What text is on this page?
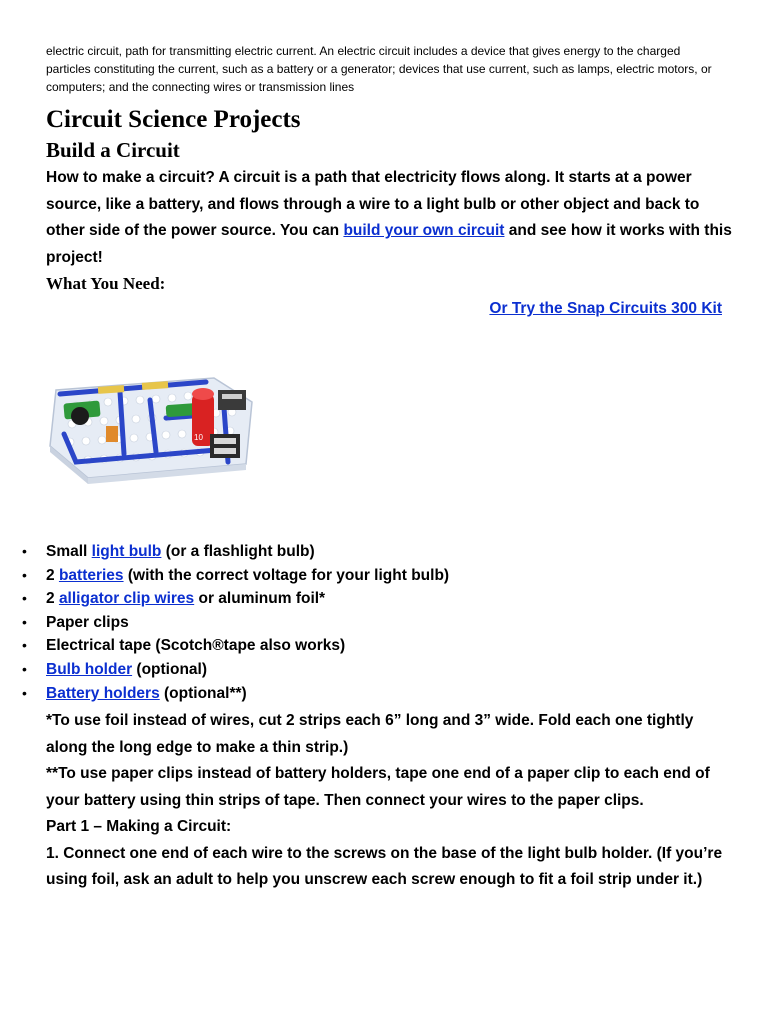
electric circuit, path for transmitting electric current. An electric circuit includes a device that gives energy to the charged particles constituting the current, such as a battery or a generator; devices that use current, such as lamps, electric motors, or computers; and the connecting wires or transmission lines
Circuit Science Projects
Build a Circuit
How to make a circuit? A circuit is a path that electricity flows along. It starts at a power source, like a battery, and flows through a wire to a light bulb or other object and back to other side of the power source. You can build your own circuit and see how it works with this project!
What You Need:
Or Try the Snap Circuits 300 Kit
10
• Small light bulb (or a flashlight bulb)
• 2 batteries (with the correct voltage for your light bulb)
• 2 alligator clip wires or aluminum foil*
• Paper clips
• Electrical tape (Scotch®tape also works)
• Bulb holder (optional)
• Battery holders (optional**)

*To use foil instead of wires, cut 2 strips each 6” long and 3” wide. Fold each one tightly along the long edge to make a thin strip.)

**To use paper clips instead of battery holders, tape one end of a paper clip to each end of your battery using thin strips of tape. Then connect your wires to the paper clips.

Part 1 – Making a Circuit:

1. Connect one end of each wire to the screws on the base of the light bulb holder. (If you’re using foil, ask an adult to help you unscrew each screw enough to fit a foil strip under it.)
